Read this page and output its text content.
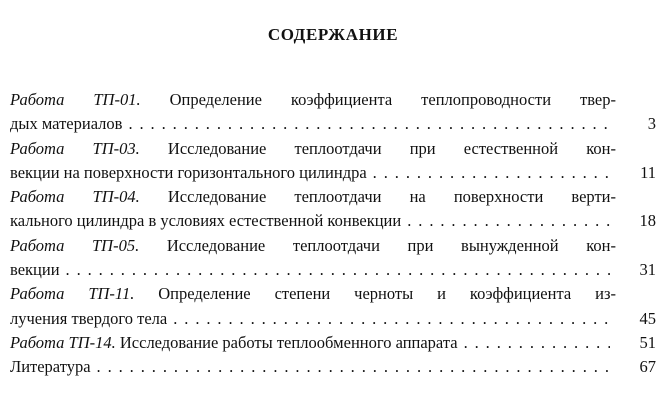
СОДЕРЖАНИЕ
Работа ТП-01. Определение коэффициента теплопроводности твер-
дых материалов . . .	3
Работа ТП-03. Исследование теплоотдачи при естественной кон-
векции на поверхности горизонтального цилиндра . . .	11
Работа ТП-04. Исследование теплоотдачи на поверхности верти-
кального цилиндра в условиях естественной конвекции . . .	18
Работа ТП-05. Исследование теплоотдачи при вынужденной кон-
векции . . .	31
Работа ТП-11. Определение степени черноты и коэффициента из-
лучения твердого тела . . .	45
Работа ТП-14. Исследование работы теплообменного аппарата . . .	51
Литература . . .	67
